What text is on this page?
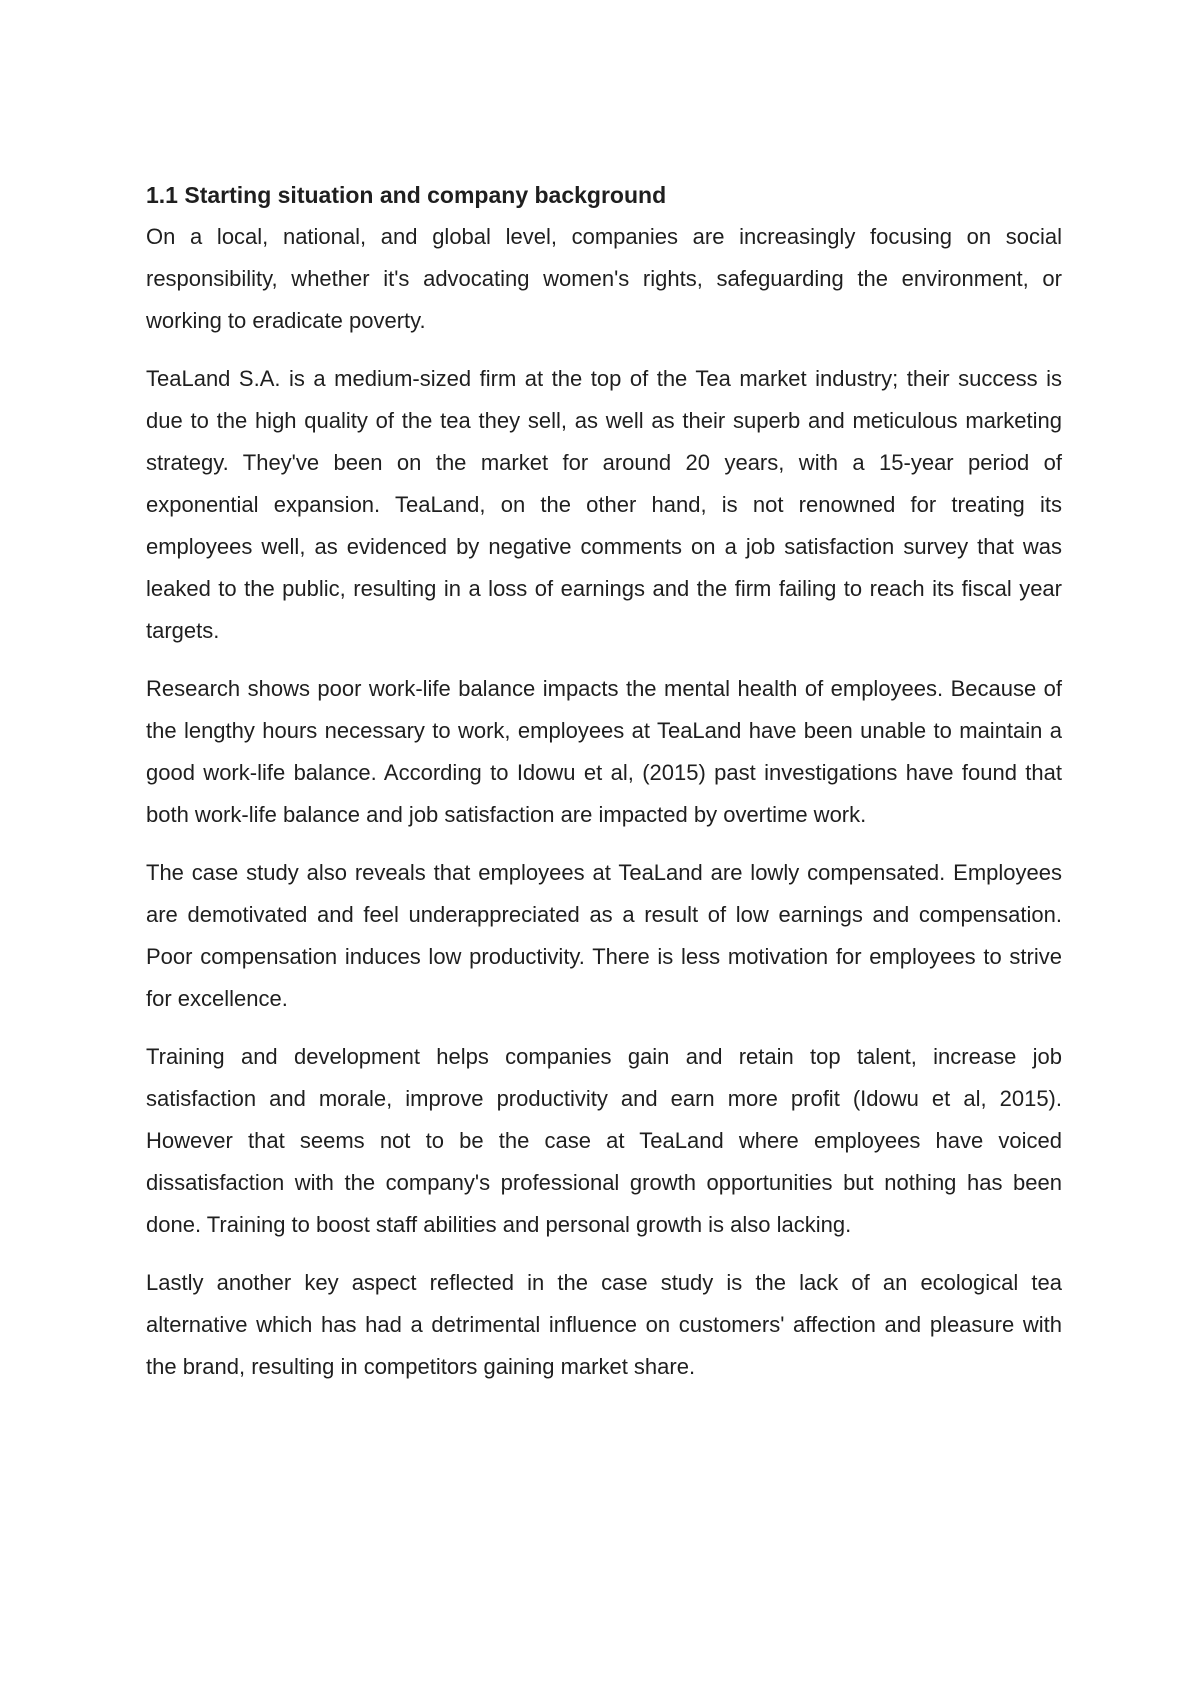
1.1 Starting situation and company background

On a local, national, and global level, companies are increasingly focusing on social responsibility, whether it's advocating women's rights, safeguarding the environment, or working to eradicate poverty.

TeaLand S.A. is a medium-sized firm at the top of the Tea market industry; their success is due to the high quality of the tea they sell, as well as their superb and meticulous marketing strategy. They've been on the market for around 20 years, with a 15-year period of exponential expansion. TeaLand, on the other hand, is not renowned for treating its employees well, as evidenced by negative comments on a job satisfaction survey that was leaked to the public, resulting in a loss of earnings and the firm failing to reach its fiscal year targets.

Research shows poor work-life balance impacts the mental health of employees. Because of the lengthy hours necessary to work, employees at TeaLand have been unable to maintain a good work-life balance. According to Idowu et al, (2015) past investigations have found that both work-life balance and job satisfaction are impacted by overtime work.

The case study also reveals that employees at TeaLand are lowly compensated. Employees are demotivated and feel underappreciated as a result of low earnings and compensation. Poor compensation induces low productivity. There is less motivation for employees to strive for excellence.

Training and development helps companies gain and retain top talent, increase job satisfaction and morale, improve productivity and earn more profit (Idowu et al, 2015). However that seems not to be the case at TeaLand where employees have voiced dissatisfaction with the company's professional growth opportunities but nothing has been done. Training to boost staff abilities and personal growth is also lacking.

Lastly another key aspect reflected in the case study is the lack of an ecological tea alternative which has had a detrimental influence on customers' affection and pleasure with the brand, resulting in competitors gaining market share.
